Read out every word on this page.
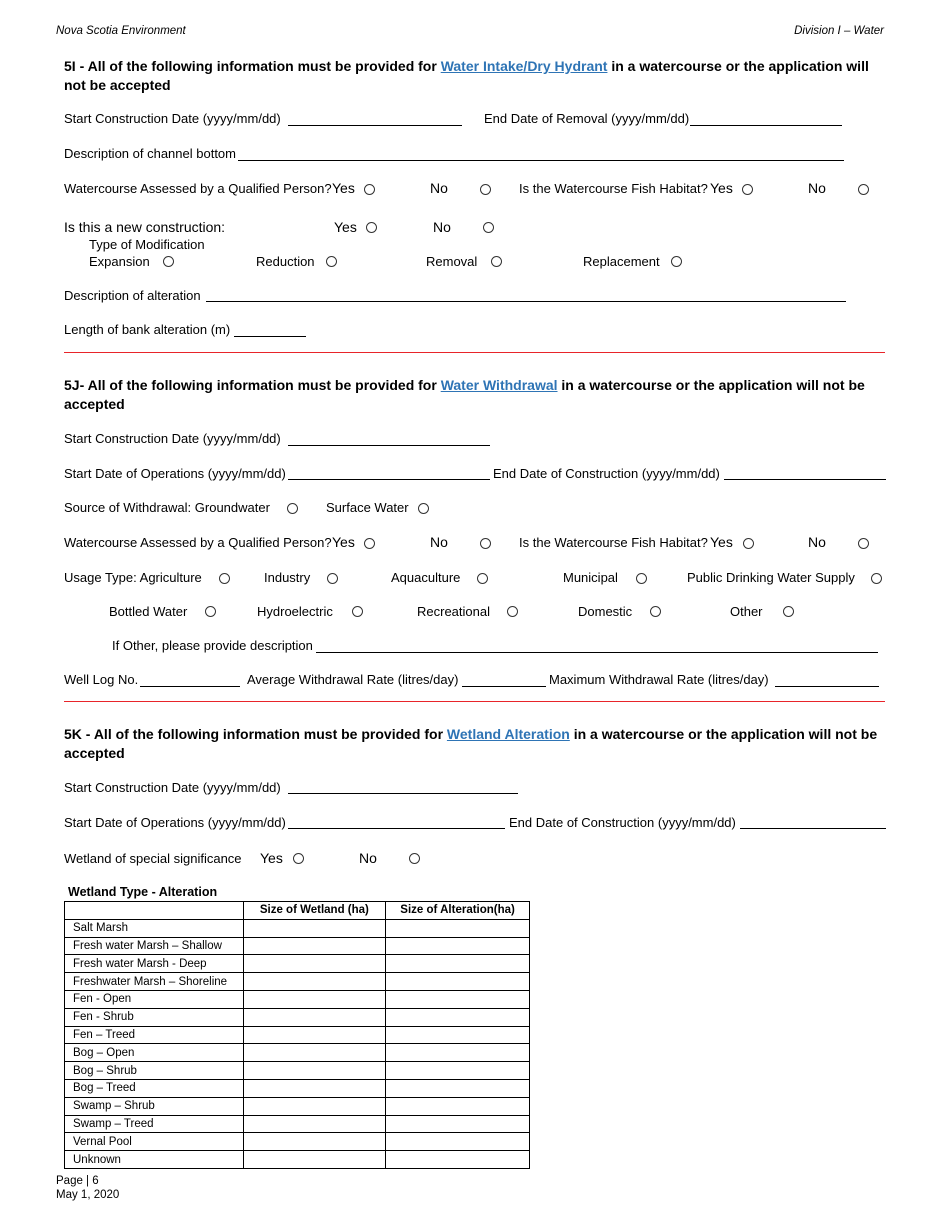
Nova Scotia Environment	Division I – Water
5I - All of the following information must be provided for Water Intake/Dry Hydrant in a watercourse or the application will not be accepted
Start Construction Date (yyyy/mm/dd)	End Date of Removal (yyyy/mm/dd)
Description of channel bottom
Watercourse Assessed by a Qualified Person? Yes	No	Is the Watercourse Fish Habitat? Yes	No
Is this a new construction:	Yes	No
Type of Modification
Expansion	Reduction	Removal	Replacement
Description of alteration
Length of bank alteration (m)
5J- All of the following information must be provided for Water Withdrawal in a watercourse or the application will not be accepted
Start Construction Date (yyyy/mm/dd)
Start Date of Operations (yyyy/mm/dd)	End Date of Construction (yyyy/mm/dd)
Source of Withdrawal: Groundwater	Surface Water
Watercourse Assessed by a Qualified Person? Yes	No	Is the Watercourse Fish Habitat? Yes	No
Usage Type: Agriculture	Industry	Aquaculture	Municipal	Public Drinking Water Supply
Bottled Water	Hydroelectric	Recreational	Domestic	Other
If Other, please provide description
Well Log No.	Average Withdrawal Rate (litres/day)	Maximum Withdrawal Rate (litres/day)
5K - All of the following information must be provided for Wetland Alteration in a watercourse or the application will not be accepted
Start Construction Date (yyyy/mm/dd)
Start Date of Operations (yyyy/mm/dd)	End Date of Construction (yyyy/mm/dd)
Wetland of special significance Yes	No
Wetland Type - Alteration
	Size of Wetland (ha)	Size of Alteration(ha)
Salt Marsh		
Fresh water Marsh – Shallow		
Fresh water Marsh - Deep		
Freshwater Marsh – Shoreline		
Fen - Open		
Fen - Shrub		
Fen – Treed		
Bog – Open		
Bog – Shrub		
Bog – Treed		
Swamp – Shrub		
Swamp – Treed		
Vernal Pool		
Unknown		
Page | 6
May 1, 2020
